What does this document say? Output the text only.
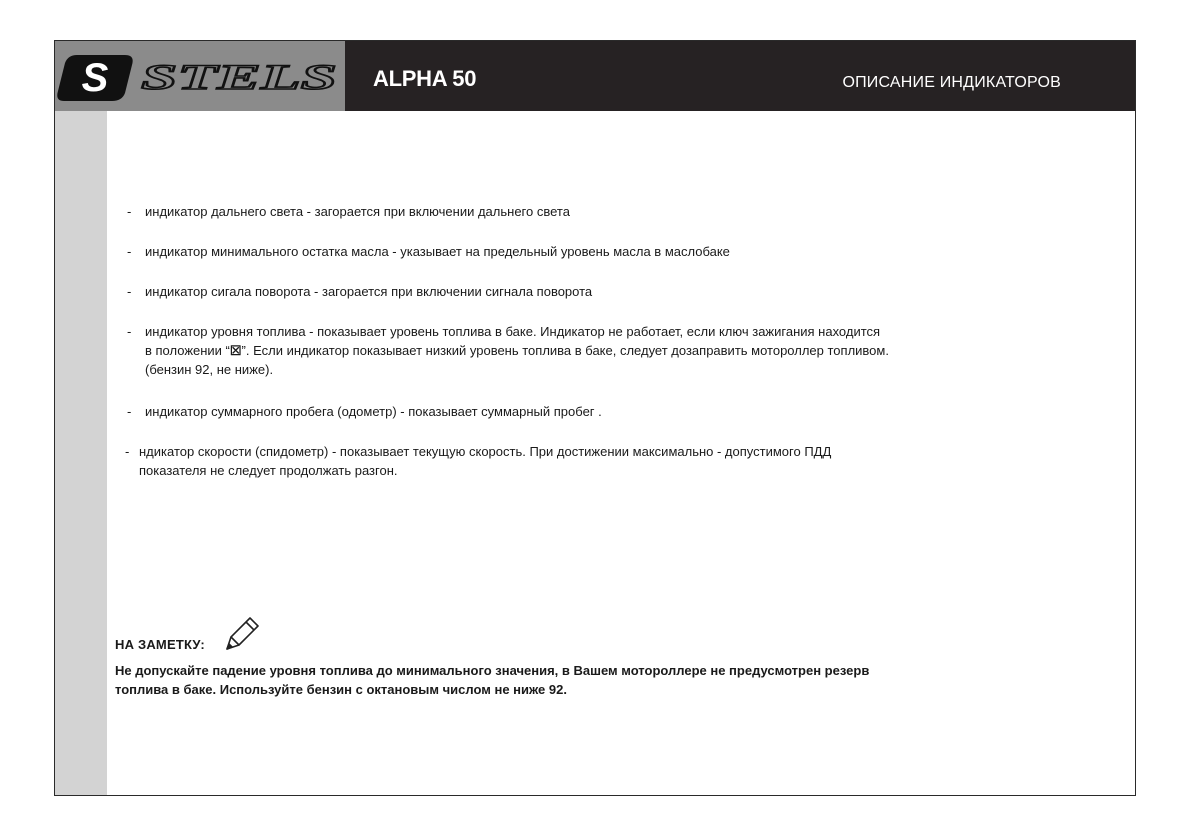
S STELS ALPHA 50	ОПИСАНИЕ ИНДИКАТОРОВ
- индикатор дальнего света - загорается при включении дальнего света
- индикатор минимального остатка масла - указывает на предельный уровень масла в маслобаке
- индикатор сигала поворота - загорается при включении сигнала поворота
- индикатор уровня топлива - показывает уровень топлива в баке. Индикатор не работает, если ключ зажигания находится
в положении “☒”. Если индикатор показывает низкий уровень топлива в баке, следует дозаправить мотороллер топливом.
(бензин 92, не ниже).
- индикатор суммарного пробега (одометр) - показывает суммарный пробег .
- ндикатор скорости (спидометр) - показывает текущую скорость. При достижении максимально - допустимого ПДД
показателя не следует продолжать разгон.
НА ЗАМЕТКУ:
Не допускайте падение уровня топлива до минимального значения, в Вашем мотороллере не предусмотрен резерв
топлива в баке. Используйте бензин с октановым числом не ниже 92.
